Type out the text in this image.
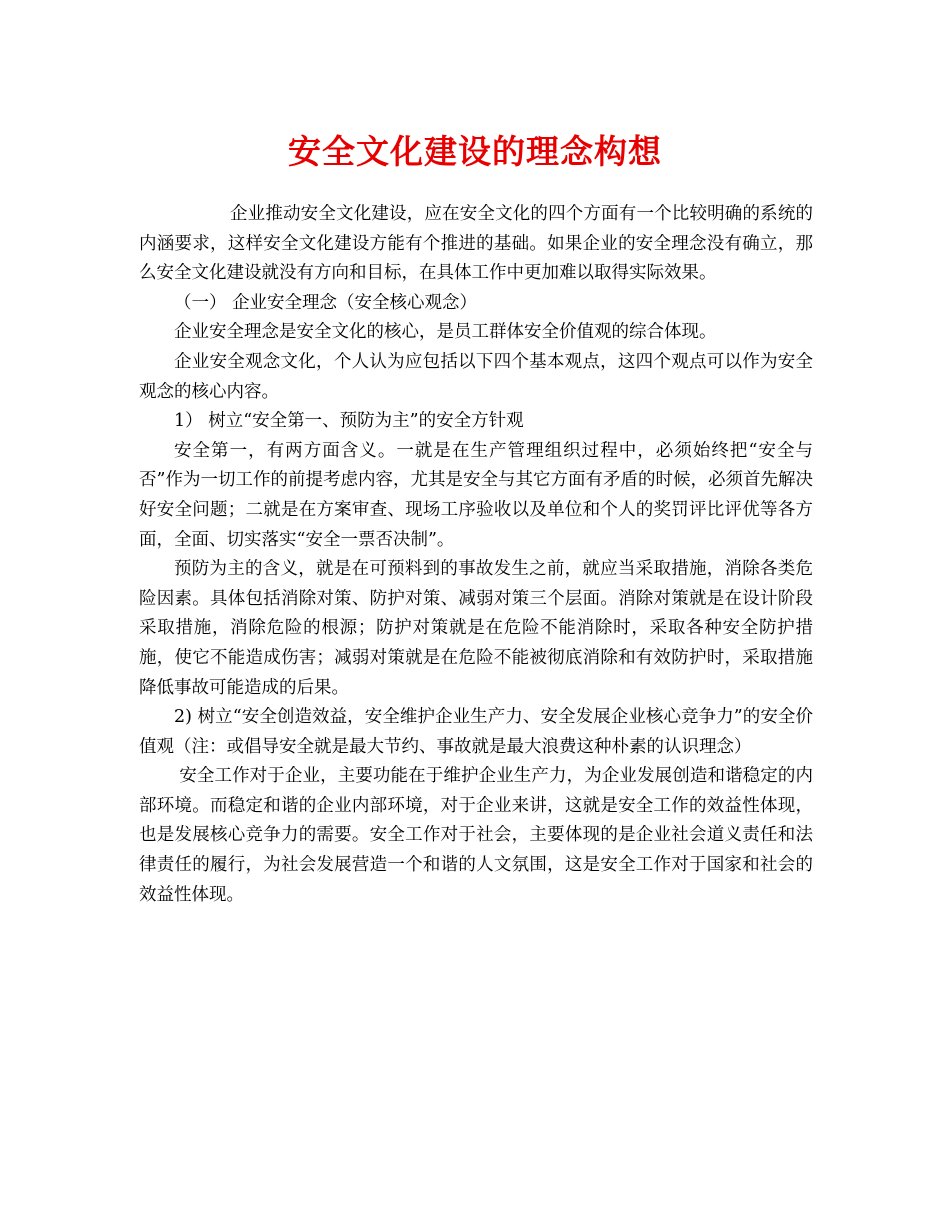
安全文化建设的理念构想

企业推动安全文化建设，应在安全文化的四个方面有一个比较明确的系统的内涵要求，这样安全文化建设方能有个推进的基础。如果企业的安全理念没有确立，那么安全文化建设就没有方向和目标，在具体工作中更加难以取得实际效果。

（一） 企业安全理念（安全核心观念）

企业安全理念是安全文化的核心，是员工群体安全价值观的综合体现。

企业安全观念文化，个人认为应包括以下四个基本观点，这四个观点可以作为安全观念的核心内容。

1） 树立“安全第一、预防为主”的安全方针观

安全第一，有两方面含义。一就是在生产管理组织过程中，必须始终把“安全与否”作为一切工作的前提考虑内容，尤其是安全与其它方面有矛盾的时候，必须首先解决好安全问题；二就是在方案审查、现场工序验收以及单位和个人的奖罚评比评优等各方面，全面、切实落实“安全一票否决制”。

预防为主的含义，就是在可预料到的事故发生之前，就应当采取措施，消除各类危险因素。具体包括消除对策、防护对策、减弱对策三个层面。消除对策就是在设计阶段采取措施，消除危险的根源；防护对策就是在危险不能消除时，采取各种安全防护措施，使它不能造成伤害；减弱对策就是在危险不能被彻底消除和有效防护时，采取措施降低事故可能造成的后果。

2) 树立“安全创造效益，安全维护企业生产力、安全发展企业核心竞争力”的安全价值观（注：或倡导安全就是最大节约、事故就是最大浪费这种朴素的认识理念）

安全工作对于企业，主要功能在于维护企业生产力，为企业发展创造和谐稳定的内部环境。而稳定和谐的企业内部环境，对于企业来讲，这就是安全工作的效益性体现，也是发展核心竞争力的需要。安全工作对于社会，主要体现的是企业社会道义责任和法律责任的履行，为社会发展营造一个和谐的人文氛围，这是安全工作对于国家和社会的效益性体现。
